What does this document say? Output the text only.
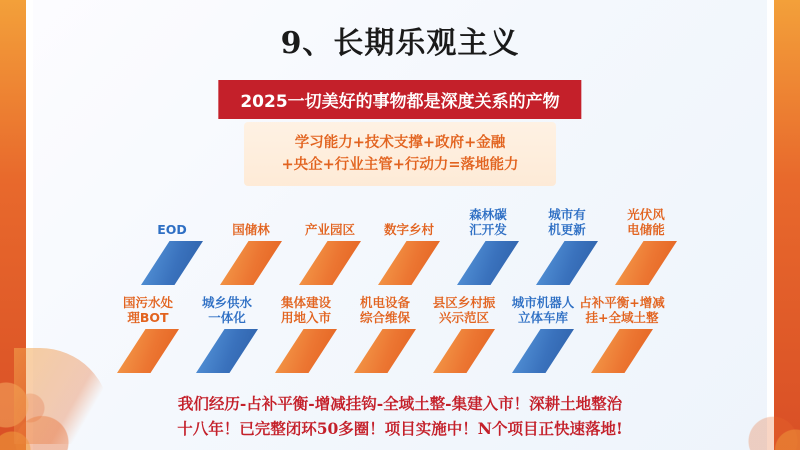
9、长期乐观主义
2025一切美好的事物都是深度关系的产物
学习能力+技术支撑+政府+金融
+央企+行业主管+行动力=落地能力
EOD	国储林	产业园区 数字乡村
森林碳
汇开发
城市有
机更新
光伏风
电储能
国污水处
理BOT
城乡供水
一体化
集体建设
用地入市
机电设备
综合维保
县区乡村振
兴示范区
城市机器人
立体车库
占补平衡+增减
挂+全域土整
我们经历-占补平衡-增减挂钩-全域土整-集建入市！深耕土地整治
十八年！已完整闭环50多圈！项目实施中！N个项目正快速落地!
